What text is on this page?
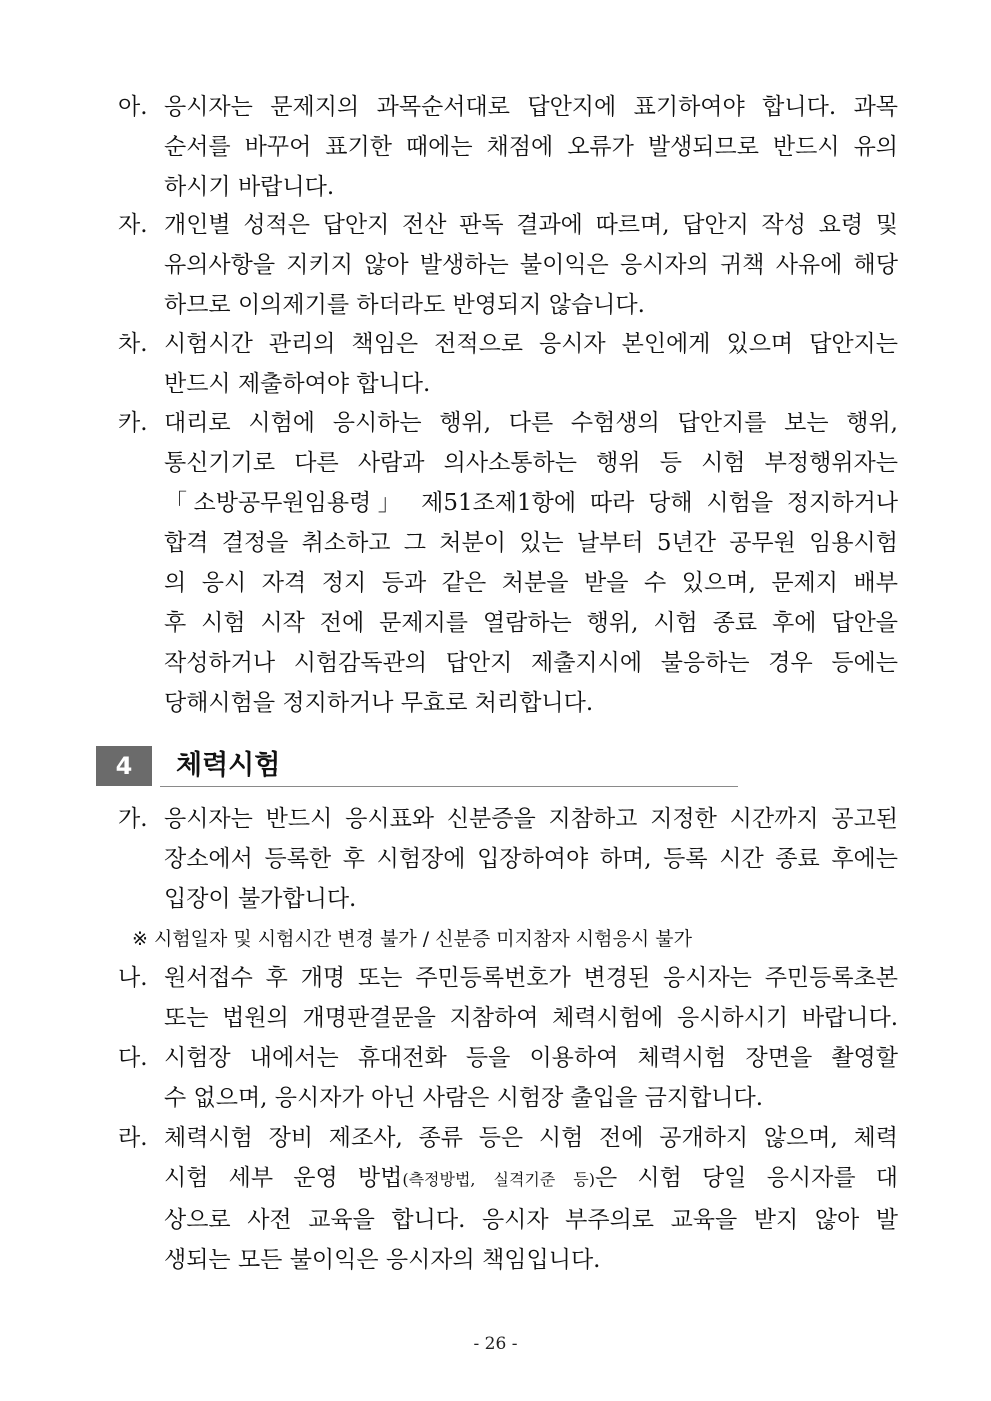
아. 응시자는 문제지의 과목순서대로 답안지에 표기하여야 합니다. 과목
순서를 바꾸어 표기한 때에는 채점에 오류가 발생되므로 반드시 유의
하시기 바랍니다.
자. 개인별 성적은 답안지 전산 판독 결과에 따르며, 답안지 작성 요령 및
유의사항을 지키지 않아 발생하는 불이익은 응시자의 귀책 사유에 해당
하므로 이의제기를 하더라도 반영되지 않습니다.
차. 시험시간 관리의 책임은 전적으로 응시자 본인에게 있으며 답안지는
반드시 제출하여야 합니다.
카. 대리로 시험에 응시하는 행위, 다른 수험생의 답안지를 보는 행위,
통신기기로 다른 사람과 의사소통하는 행위 등 시험 부정행위자는
「소방공무원임용령」 제51조제1항에 따라 당해 시험을 정지하거나
합격 결정을 취소하고 그 처분이 있는 날부터 5년간 공무원 임용시험
의 응시 자격 정지 등과 같은 처분을 받을 수 있으며, 문제지 배부
후 시험 시작 전에 문제지를 열람하는 행위, 시험 종료 후에 답안을
작성하거나 시험감독관의 답안지 제출지시에 불응하는 경우 등에는
당해시험을 정지하거나 무효로 처리합니다.
4	체력시험
가. 응시자는 반드시 응시표와 신분증을 지참하고 지정한 시간까지 공고된
장소에서 등록한 후 시험장에 입장하여야 하며, 등록 시간 종료 후에는
입장이 불가합니다.
※ 시험일자 및 시험시간 변경 불가 / 신분증 미지참자 시험응시 불가
나. 원서접수 후 개명 또는 주민등록번호가 변경된 응시자는 주민등록초본
또는 법원의 개명판결문을 지참하여 체력시험에 응시하시기 바랍니다.
다. 시험장 내에서는 휴대전화 등을 이용하여 체력시험 장면을 촬영할
수 없으며, 응시자가 아닌 사람은 시험장 출입을 금지합니다.
라. 체력시험 장비 제조사, 종류 등은 시험 전에 공개하지 않으며, 체력
시험 세부 운영 방법(측정방법, 실격기준 등)은 시험 당일 응시자를 대
상으로 사전 교육을 합니다. 응시자 부주의로 교육을 받지 않아 발
생되는 모든 불이익은 응시자의 책임입니다.
- 26 -
